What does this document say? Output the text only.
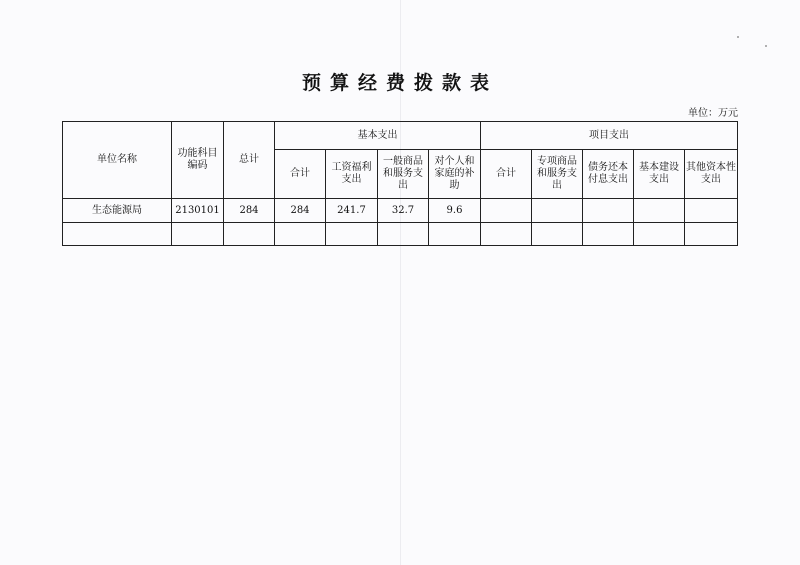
预算经费拨款表
单位：万元
单位名称	功能科目编码	总计	基本支出				项目支出				
			合计	工资福利支出	一般商品和服务支出	对个人和家庭的补助	合计	专项商品和服务支出	债务还本付息支出	基本建设支出	其他资本性支出
生态能源局	2130101	284	284	241.7	32.7	9.6					
